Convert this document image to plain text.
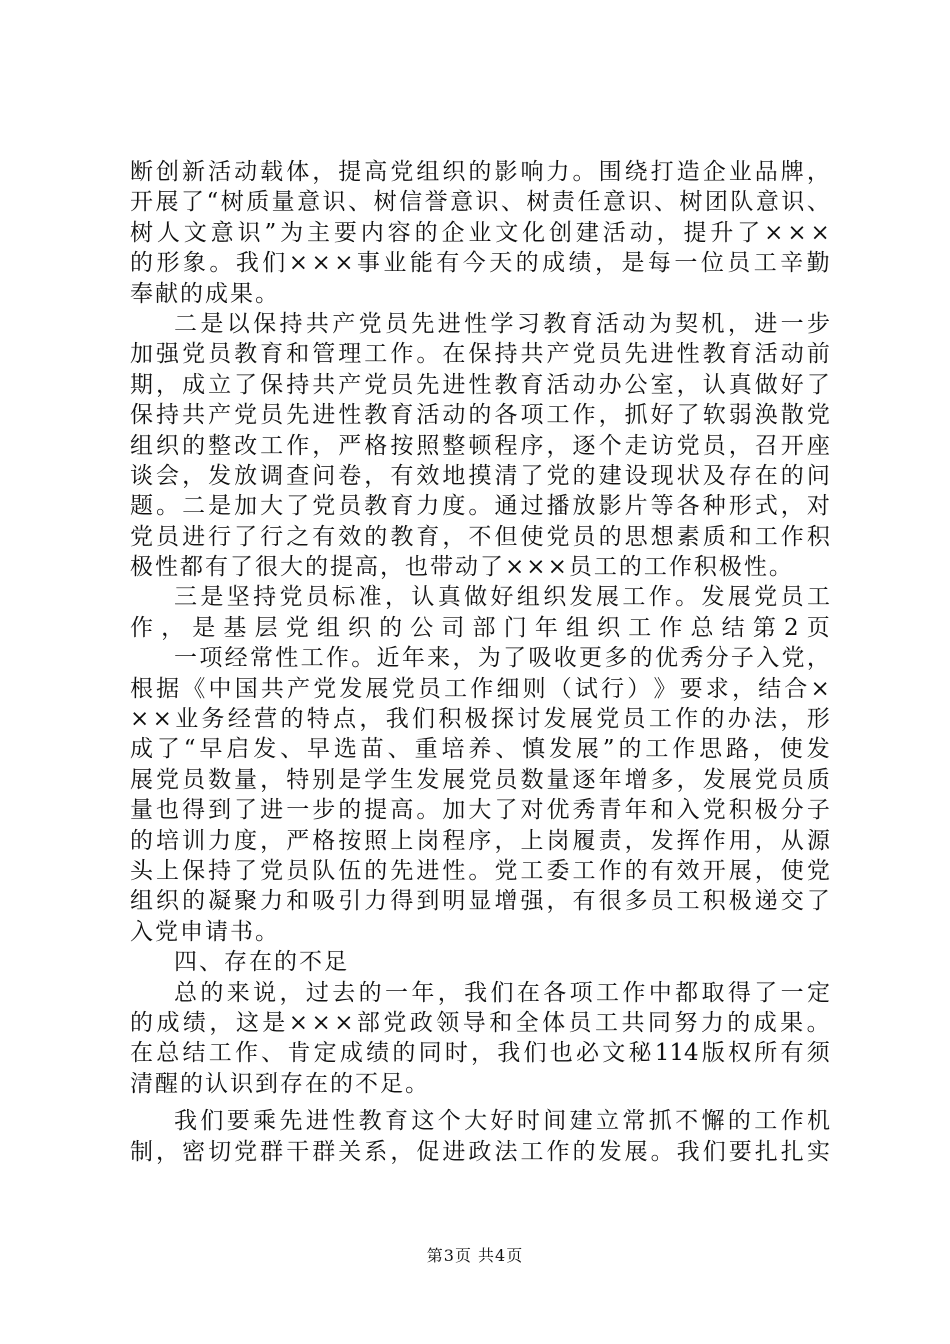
断 创 新 活 动 载 体 ， 提 高 党 组 织 的 影 响 力 。 围 绕 打 造 企 业 品 牌 ，
开 展 了 “ 树 质 量 意 识 、 树 信 誉 意 识 、 树 责 任 意 识 、 树 团 队 意 识 、
树 人 文 意 识 ” 为 主 要 内 容 的 企 业 文 化 创 建 活 动 ， 提 升 了 × × ×
的 形 象 。 我 们 × × × 事 业 能 有 今 天 的 成 绩 ， 是 每 一 位 员 工 辛 勤
奉 献 的 成 果 。
二 是 以 保 持 共 产 党 员 先 进 性 学 习 教 育 活 动 为 契 机 ， 进 一 步
加 强 党 员 教 育 和 管 理 工 作 。 在 保 持 共 产 党 员 先 进 性 教 育 活 动 前
期 ， 成 立 了 保 持 共 产 党 员 先 进 性 教 育 活 动 办 公 室 ， 认 真 做 好 了
保 持 共 产 党 员 先 进 性 教 育 活 动 的 各 项 工 作 ， 抓 好 了 软 弱 涣 散 党
组 织 的 整 改 工 作 ， 严 格 按 照 整 顿 程 序 ， 逐 个 走 访 党 员 ， 召 开 座
谈 会 ， 发 放 调 查 问 卷 ， 有 效 地 摸 清 了 党 的 建 设 现 状 及 存 在 的 问
题 。 二 是 加 大 了 党 员 教 育 力 度 。 通 过 播 放 影 片 等 各 种 形 式 ， 对
党 员 进 行 了 行 之 有 效 的 教 育 ， 不 但 使 党 员 的 思 想 素 质 和 工 作 积
极 性 都 有 了 很 大 的 提 高 ， 也 带 动 了 × × × 员 工 的 工 作 积 极 性 。
三 是 坚 持 党 员 标 准 ， 认 真 做 好 组 织 发 展 工 作 。 发 展 党 员 工
作 ， 是 基 层 党 组 织 的 公 司 部 门 年 组 织 工 作 总 结 第 2 页
一 项 经 常 性 工 作 。 近 年 来 ， 为 了 吸 收 更 多 的 优 秀 分 子 入 党 ，
根 据 《 中 国 共 产 党 发 展 党 员 工 作 细 则 （ 试 行 ） 》 要 求 ， 结 合 ×
× × 业 务 经 营 的 特 点 ， 我 们 积 极 探 讨 发 展 党 员 工 作 的 办 法 ， 形
成 了 “ 早 启 发 、 早 选 苗 、 重 培 养 、 慎 发 展 ” 的 工 作 思 路 ， 使 发
展 党 员 数 量 ， 特 别 是 学 生 发 展 党 员 数 量 逐 年 增 多 ， 发 展 党 员 质
量 也 得 到 了 进 一 步 的 提 高 。 加 大 了 对 优 秀 青 年 和 入 党 积 极 分 子
的 培 训 力 度 ， 严 格 按 照 上 岗 程 序 ， 上 岗 履 责 ， 发 挥 作 用 ， 从 源
头 上 保 持 了 党 员 队 伍 的 先 进 性 。 党 工 委 工 作 的 有 效 开 展 ， 使 党
组 织 的 凝 聚 力 和 吸 引 力 得 到 明 显 增 强 ， 有 很 多 员 工 积 极 递 交 了
入 党 申 请 书 。
四 、 存 在 的 不 足
总 的 来 说 ， 过 去 的 一 年 ， 我 们 在 各 项 工 作 中 都 取 得 了 一 定
的 成 绩 ， 这 是 × × × 部 党 政 领 导 和 全 体 员 工 共 同 努 力 的 成 果 。
在 总 结 工 作 、 肯 定 成 绩 的 同 时 ， 我 们 也 必 文 秘 114 版 权 所 有 须
清 醒 的 认 识 到 存 在 的 不 足 。
我 们 要 乘 先 进 性 教 育 这 个 大 好 时 间 建 立 常 抓 不 懈 的 工 作 机
制 ， 密 切 党 群 干 群 关 系 ， 促 进 政 法 工 作 的 发 展 。 我 们 要 扎 扎 实
第3页 共4页
